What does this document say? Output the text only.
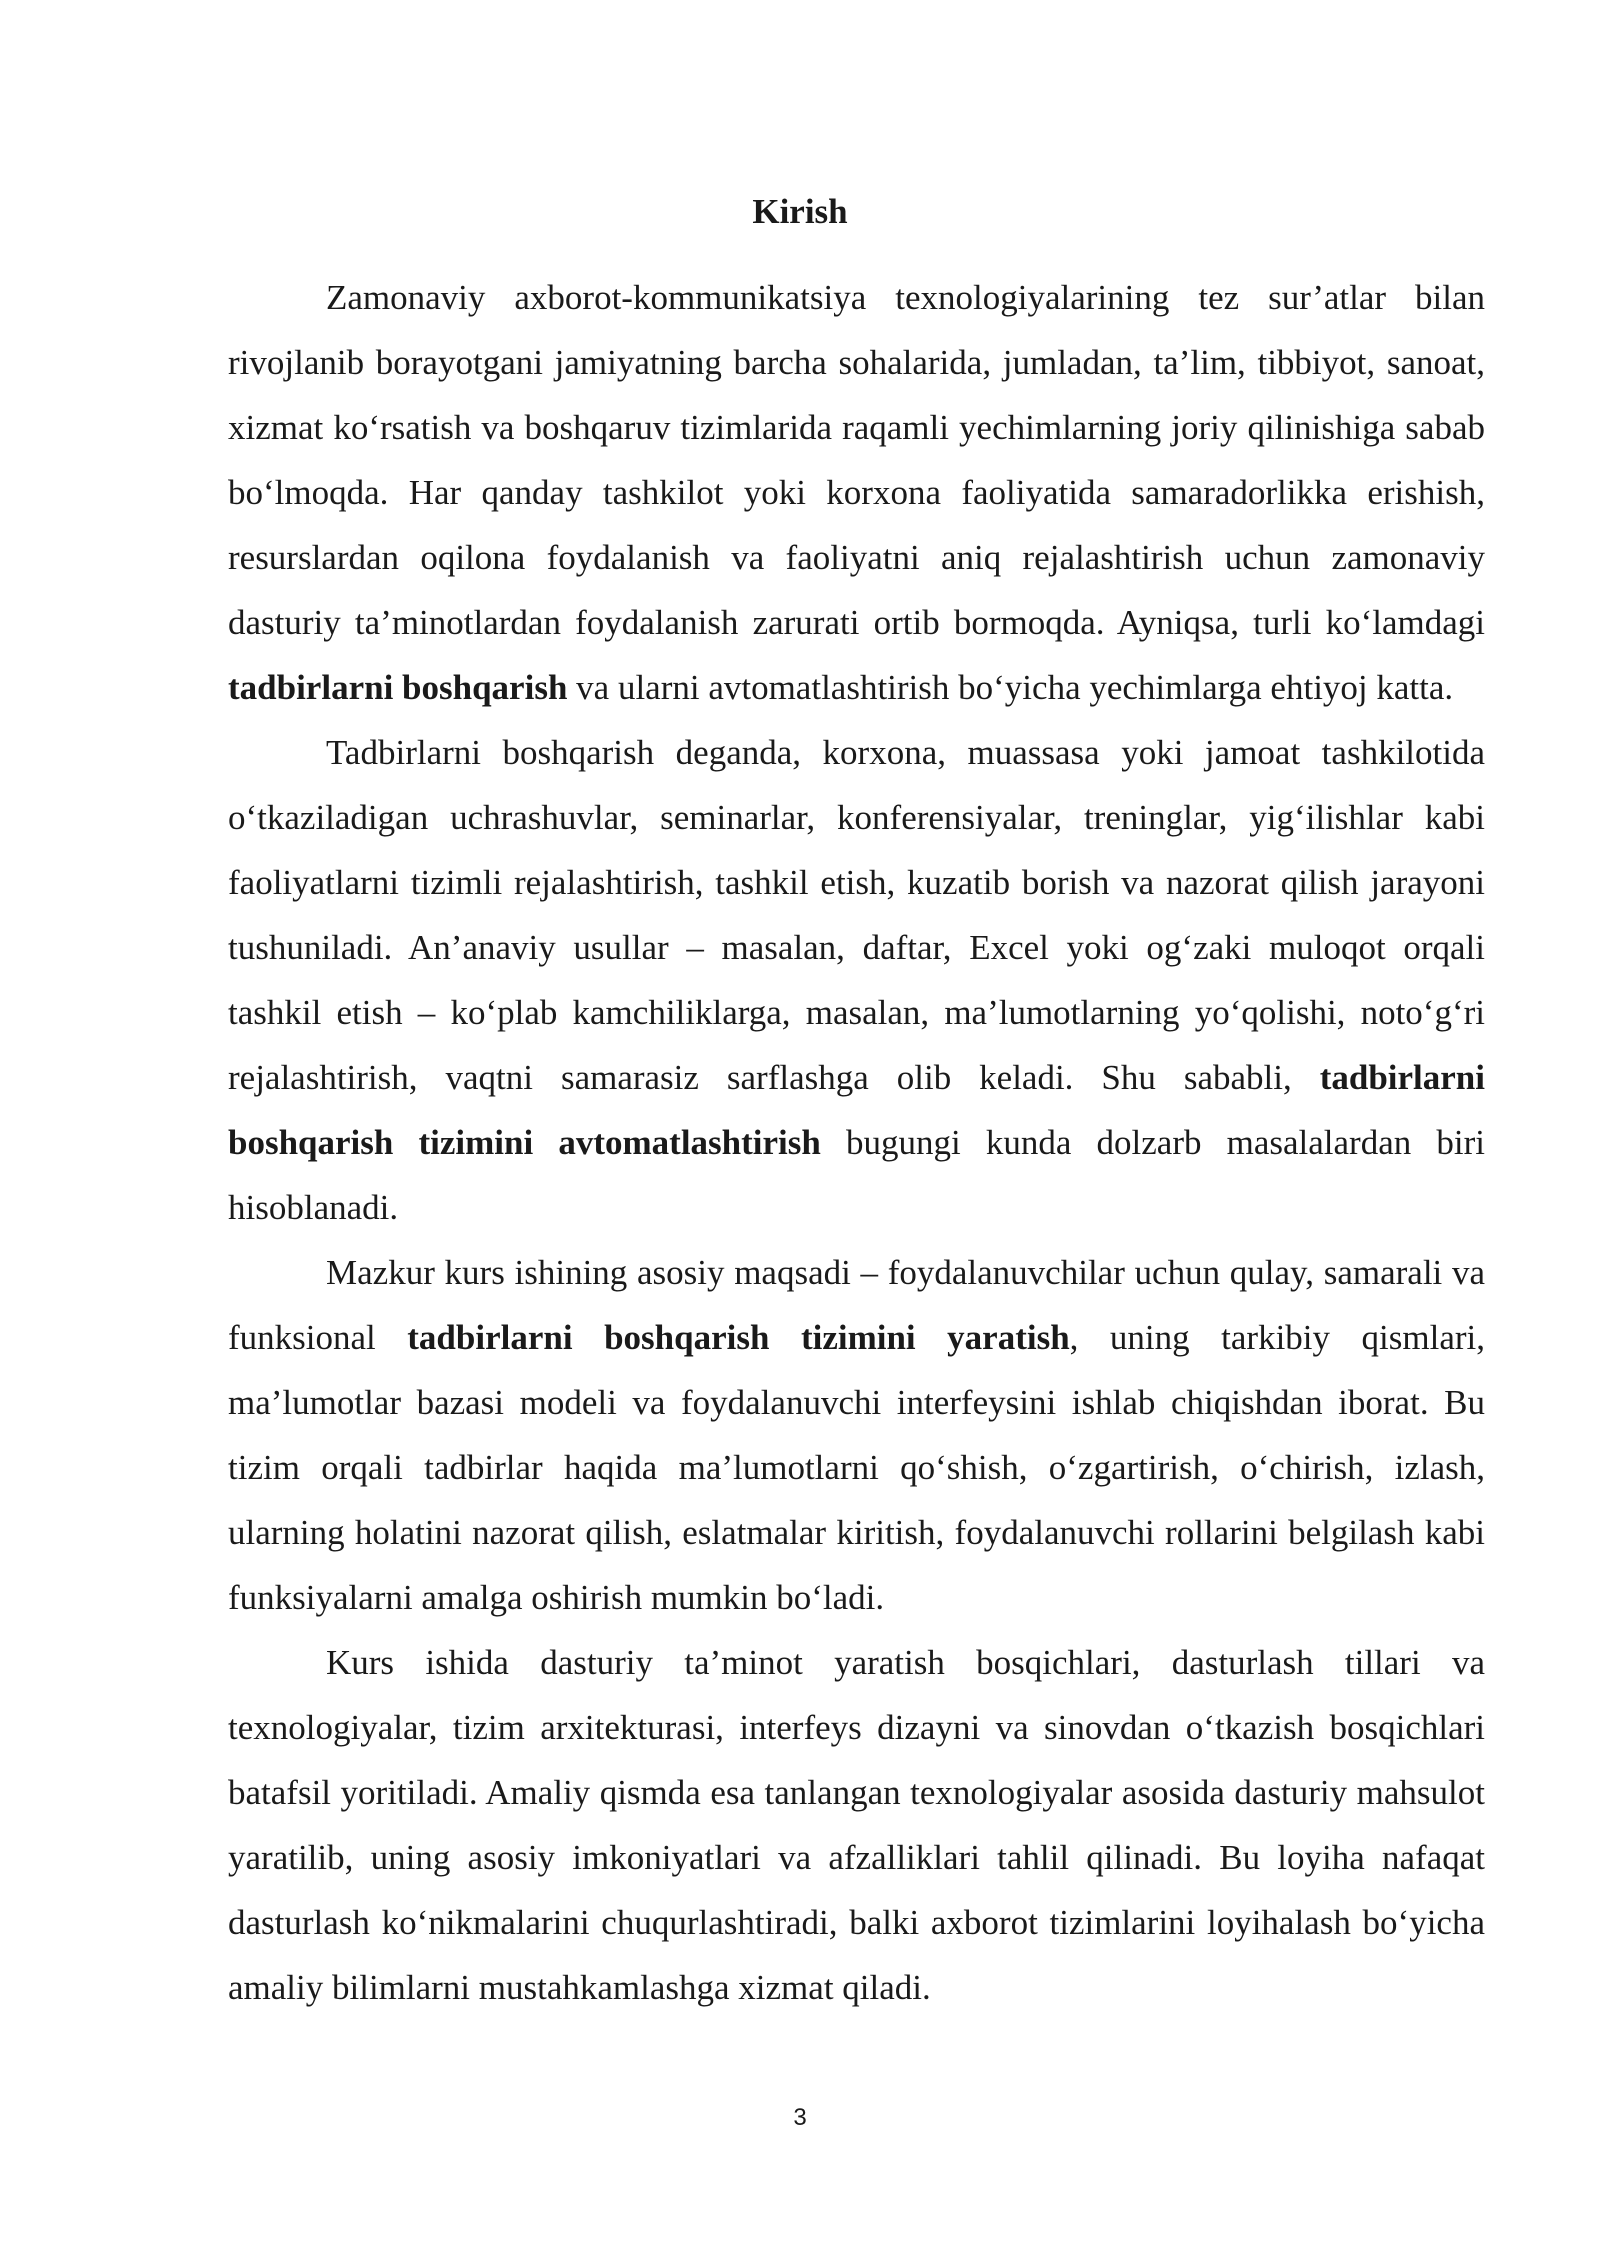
Kirish

Zamonaviy axborot-kommunikatsiya texnologiyalarining tez sur’atlar bilan rivojlanib borayotgani jamiyatning barcha sohalarida, jumladan, ta’lim, tibbiyot, sanoat, xizmat ko‘rsatish va boshqaruv tizimlarida raqamli yechimlarning joriy qilinishiga sabab bo‘lmoqda. Har qanday tashkilot yoki korxona faoliyatida samaradorlikka erishish, resurslardan oqilona foydalanish va faoliyatni aniq rejalashtirish uchun zamonaviy dasturiy ta’minotlardan foydalanish zarurati ortib bormoqda. Ayniqsa, turli ko‘lamdagi tadbirlarni boshqarish va ularni avtomatlashtirish bo‘yicha yechimlarga ehtiyoj katta.

Tadbirlarni boshqarish deganda, korxona, muassasa yoki jamoat tashkilotida o‘tkaziladigan uchrashuvlar, seminarlar, konferensiyalar, treninglar, yig‘ilishlar kabi faoliyatlarni tizimli rejalashtirish, tashkil etish, kuzatib borish va nazorat qilish jarayoni tushuniladi. An’anaviy usullar – masalan, daftar, Excel yoki og‘zaki muloqot orqali tashkil etish – ko‘plab kamchiliklarga, masalan, ma’lumotlarning yo‘qolishi, noto‘g‘ri rejalashtirish, vaqtni samarasiz sarflashga olib keladi. Shu sababli, tadbirlarni boshqarish tizimini avtomatlashtirish bugungi kunda dolzarb masalalardan biri hisoblanadi.

Mazkur kurs ishining asosiy maqsadi – foydalanuvchilar uchun qulay, samarali va funksional tadbirlarni boshqarish tizimini yaratish, uning tarkibiy qismlari, ma’lumotlar bazasi modeli va foydalanuvchi interfeysini ishlab chiqishdan iborat. Bu tizim orqali tadbirlar haqida ma’lumotlarni qo‘shish, o‘zgartirish, o‘chirish, izlash, ularning holatini nazorat qilish, eslatmalar kiritish, foydalanuvchi rollarini belgilash kabi funksiyalarni amalga oshirish mumkin bo‘ladi.

Kurs ishida dasturiy ta’minot yaratish bosqichlari, dasturlash tillari va texnologiyalar, tizim arxitekturasi, interfeys dizayni va sinovdan o‘tkazish bosqichlari batafsil yoritiladi. Amaliy qismda esa tanlangan texnologiyalar asosida dasturiy mahsulot yaratilib, uning asosiy imkoniyatlari va afzalliklari tahlil qilinadi. Bu loyiha nafaqat dasturlash ko‘nikmalarini chuqurlashtiradi, balki axborot tizimlarini loyihalash bo‘yicha amaliy bilimlarni mustahkamlashga xizmat qiladi.

3
